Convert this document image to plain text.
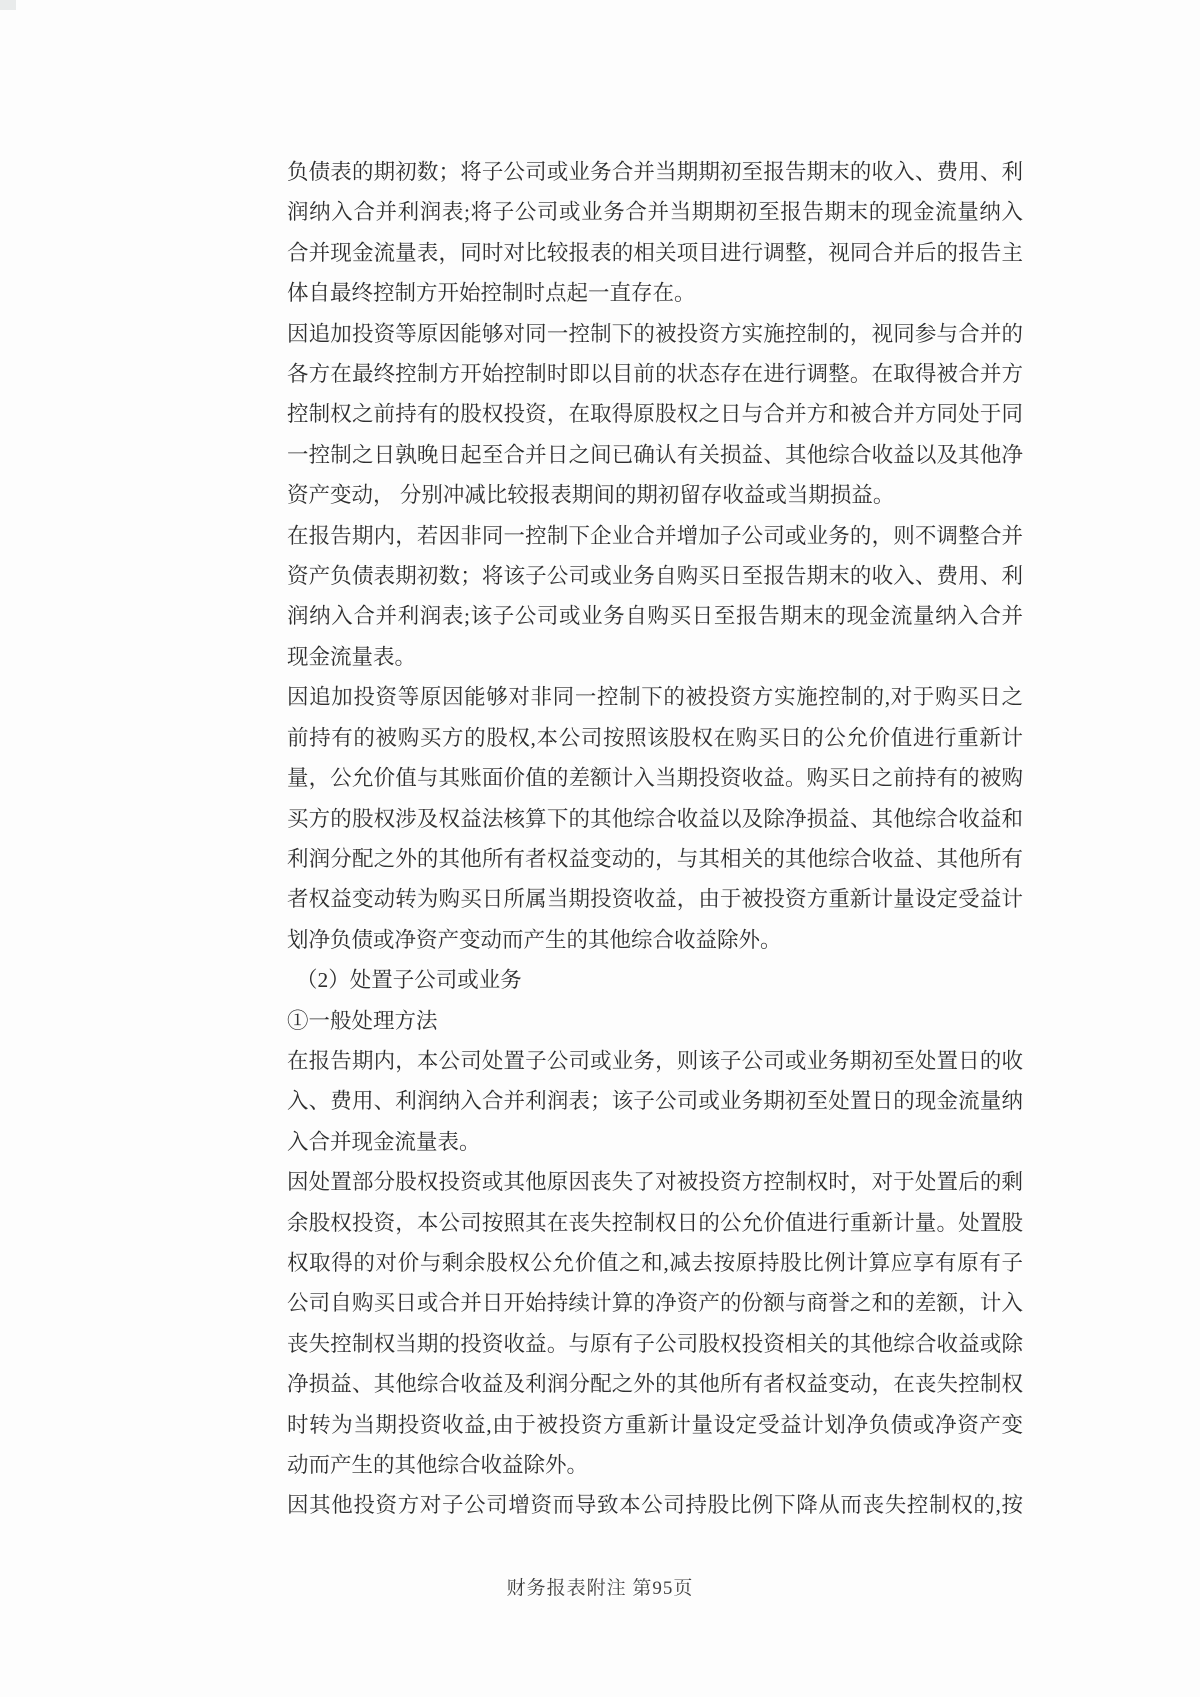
负债表的期初数；将子公司或业务合并当期期初至报告期末的收入、费用、利
润纳入合并利润表;将子公司或业务合并当期期初至报告期末的现金流量纳入
合并现金流量表，同时对比较报表的相关项目进行调整，视同合并后的报告主
体自最终控制方开始控制时点起一直存在。
因追加投资等原因能够对同一控制下的被投资方实施控制的，视同参与合并的
各方在最终控制方开始控制时即以目前的状态存在进行调整。在取得被合并方
控制权之前持有的股权投资，在取得原股权之日与合并方和被合并方同处于同
一控制之日孰晚日起至合并日之间已确认有关损益、其他综合收益以及其他净
资产变动， 分别冲减比较报表期间的期初留存收益或当期损益。
在报告期内，若因非同一控制下企业合并增加子公司或业务的，则不调整合并
资产负债表期初数；将该子公司或业务自购买日至报告期末的收入、费用、利
润纳入合并利润表;该子公司或业务自购买日至报告期末的现金流量纳入合并
现金流量表。
因追加投资等原因能够对非同一控制下的被投资方实施控制的,对于购买日之
前持有的被购买方的股权,本公司按照该股权在购买日的公允价值进行重新计
量，公允价值与其账面价值的差额计入当期投资收益。购买日之前持有的被购
买方的股权涉及权益法核算下的其他综合收益以及除净损益、其他综合收益和
利润分配之外的其他所有者权益变动的，与其相关的其他综合收益、其他所有
者权益变动转为购买日所属当期投资收益，由于被投资方重新计量设定受益计
划净负债或净资产变动而产生的其他综合收益除外。
（2）处置子公司或业务
①一般处理方法
在报告期内，本公司处置子公司或业务，则该子公司或业务期初至处置日的收
入、费用、利润纳入合并利润表；该子公司或业务期初至处置日的现金流量纳
入合并现金流量表。
因处置部分股权投资或其他原因丧失了对被投资方控制权时，对于处置后的剩
余股权投资，本公司按照其在丧失控制权日的公允价值进行重新计量。处置股
权取得的对价与剩余股权公允价值之和,减去按原持股比例计算应享有原有子
公司自购买日或合并日开始持续计算的净资产的份额与商誉之和的差额，计入
丧失控制权当期的投资收益。与原有子公司股权投资相关的其他综合收益或除
净损益、其他综合收益及利润分配之外的其他所有者权益变动，在丧失控制权
时转为当期投资收益,由于被投资方重新计量设定受益计划净负债或净资产变
动而产生的其他综合收益除外。
因其他投资方对子公司增资而导致本公司持股比例下降从而丧失控制权的,按
财务报表附注 第95页
